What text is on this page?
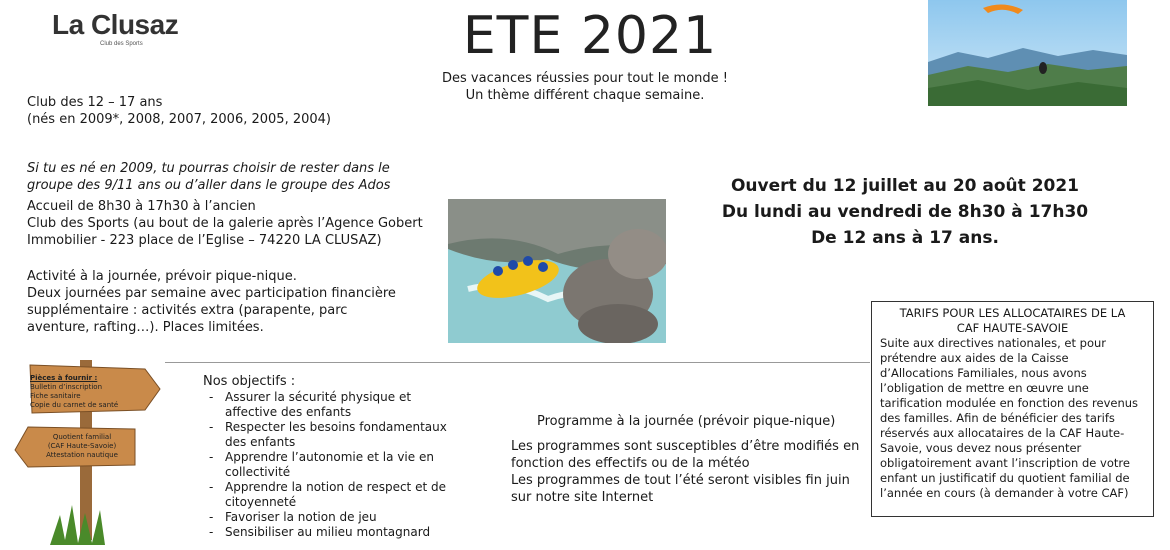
La Clusaz
Club des Sports	ETE 2021
Des vacances réussies pour tout le monde !
Un thème différent chaque semaine.
Club des 12 – 17 ans
(nés en 2009*, 2008, 2007, 2006, 2005, 2004)
Si tu es né en 2009, tu pourras choisir de rester dans le
groupe des 9/11 ans ou d’aller dans le groupe des Ados
Accueil de 8h30 à 17h30 à l’ancien
Club des Sports (au bout de la galerie après l’Agence Gobert
Immobilier - 223 place de l’Eglise – 74220 LA CLUSAZ)
Activité à la journée, prévoir pique-nique.
Deux journées par semaine avec participation financière
supplémentaire : activités extra (parapente, parc
aventure, rafting…). Places limitées.
Ouvert du 12 juillet au 20 août 2021
Du lundi au vendredi de 8h30 à 17h30
De 12 ans à 17 ans.
Pièces à fournir :
Bulletin d’inscription
Fiche sanitaire
Copie du carnet de santé
Quotient familial
(CAF Haute-Savoie)
Attestation nautique
Nos objectifs :
- Assurer la sécurité physique et
affective des enfants
- Respecter les besoins fondamentaux
des enfants
- Apprendre l’autonomie et la vie en
collectivité
- Apprendre la notion de respect et de
citoyenneté
- Favoriser la notion de jeu
- Sensibiliser au milieu montagnard
Programme à la journée (prévoir pique-nique)
Les programmes sont susceptibles d’être modifiés en
fonction des effectifs ou de la météo
Les programmes de tout l’été seront visibles fin juin
sur notre site Internet
TARIFS POUR LES ALLOCATAIRES DE LA
CAF HAUTE-SAVOIE
Suite aux directives nationales, et pour
prétendre aux aides de la Caisse
d’Allocations Familiales, nous avons
l’obligation de mettre en œuvre une
tarification modulée en fonction des revenus
des familles. Afin de bénéficier des tarifs
réservés aux allocataires de la CAF Haute-
Savoie, vous devez nous présenter
obligatoirement avant l’inscription de votre
enfant un justificatif du quotient familial de
l’année en cours (à demander à votre CAF)
